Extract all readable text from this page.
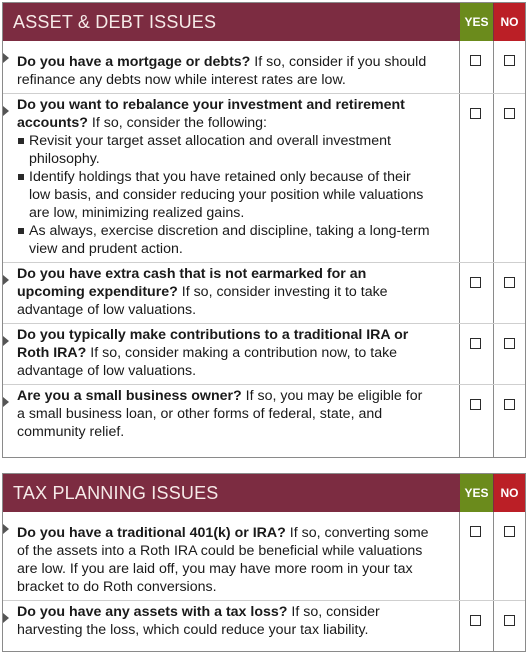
ASSET & DEBT ISSUES	YES	NO
Do you have a mortgage or debts? If so, consider if you should refinance any debts now while interest rates are low.
Do you want to rebalance your investment and retirement accounts? If so, consider the following:
Revisit your target asset allocation and overall investment philosophy.
Identify holdings that you have retained only because of their low basis, and consider reducing your position while valuations are low, minimizing realized gains.
As always, exercise discretion and discipline, taking a long-term view and prudent action.
Do you have extra cash that is not earmarked for an upcoming expenditure? If so, consider investing it to take advantage of low valuations.
Do you typically make contributions to a traditional IRA or Roth IRA? If so, consider making a contribution now, to take advantage of low valuations.
Are you a small business owner? If so, you may be eligible for a small business loan, or other forms of federal, state, and community relief.
TAX PLANNING ISSUES	YES	NO
Do you have a traditional 401(k) or IRA? If so, converting some of the assets into a Roth IRA could be beneficial while valuations are low. If you are laid off, you may have more room in your tax bracket to do Roth conversions.
Do you have any assets with a tax loss? If so, consider harvesting the loss, which could reduce your tax liability.
